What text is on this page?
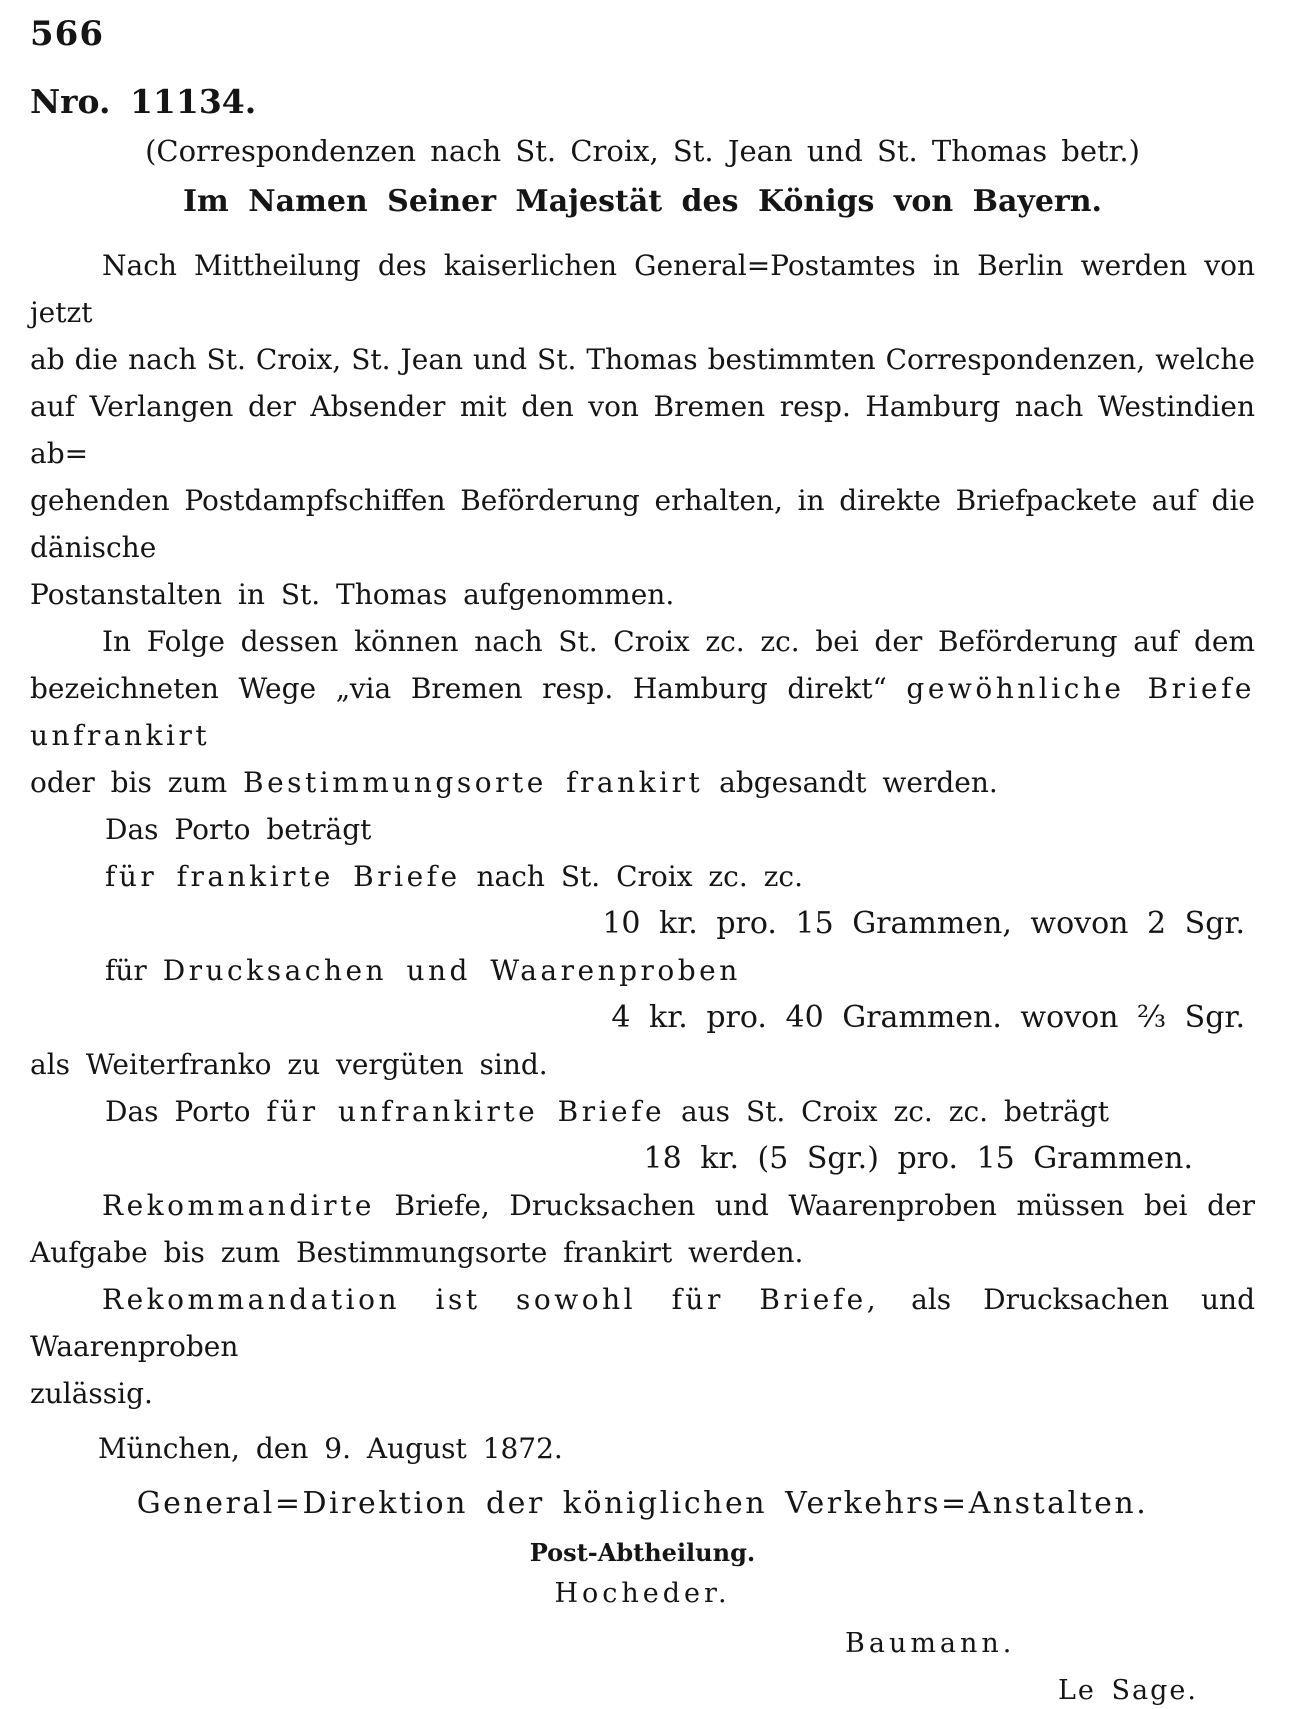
566
Nro. 11134.
(Correspondenzen nach St. Croix, St. Jean und St. Thomas betr.)
Im Namen Seiner Majestät des Königs von Bayern.
Nach Mittheilung des kaiserlichen General=Postamtes in Berlin werden von jetzt
ab die nach St. Croix, St. Jean und St. Thomas bestimmten Correspondenzen, welche
auf Verlangen der Absender mit den von Bremen resp. Hamburg nach Westindien ab=
gehenden Postdampfschiffen Beförderung erhalten, in direkte Briefpackete auf die dänische
Postanstalten in St. Thomas aufgenommen.
In Folge dessen können nach St. Croix zc. zc. bei der Beförderung auf dem
bezeichneten Wege „via Bremen resp. Hamburg direkt“ gewöhnliche Briefe unfrankirt
oder bis zum Bestimmungsorte frankirt abgesandt werden.
Das Porto beträgt
für frankirte Briefe nach St. Croix zc. zc.
10 kr. pro. 15 Grammen, wovon 2 Sgr.
für Drucksachen und Waarenproben
4 kr. pro. 40 Grammen. wovon ⅔ Sgr.
als Weiterfranko zu vergüten sind.
Das Porto für unfrankirte Briefe aus St. Croix zc. zc. beträgt
18 kr. (5 Sgr.) pro. 15 Grammen.
Rekommandirte Briefe, Drucksachen und Waarenproben müssen bei der
Aufgabe bis zum Bestimmungsorte frankirt werden.
Rekommandation ist sowohl für Briefe, als Drucksachen und Waarenproben
zulässig.
München, den 9. August 1872.
General=Direktion der königlichen Verkehrs=Anstalten.
Post-Abtheilung.
Hocheder.
Baumann.
Le Sage.
